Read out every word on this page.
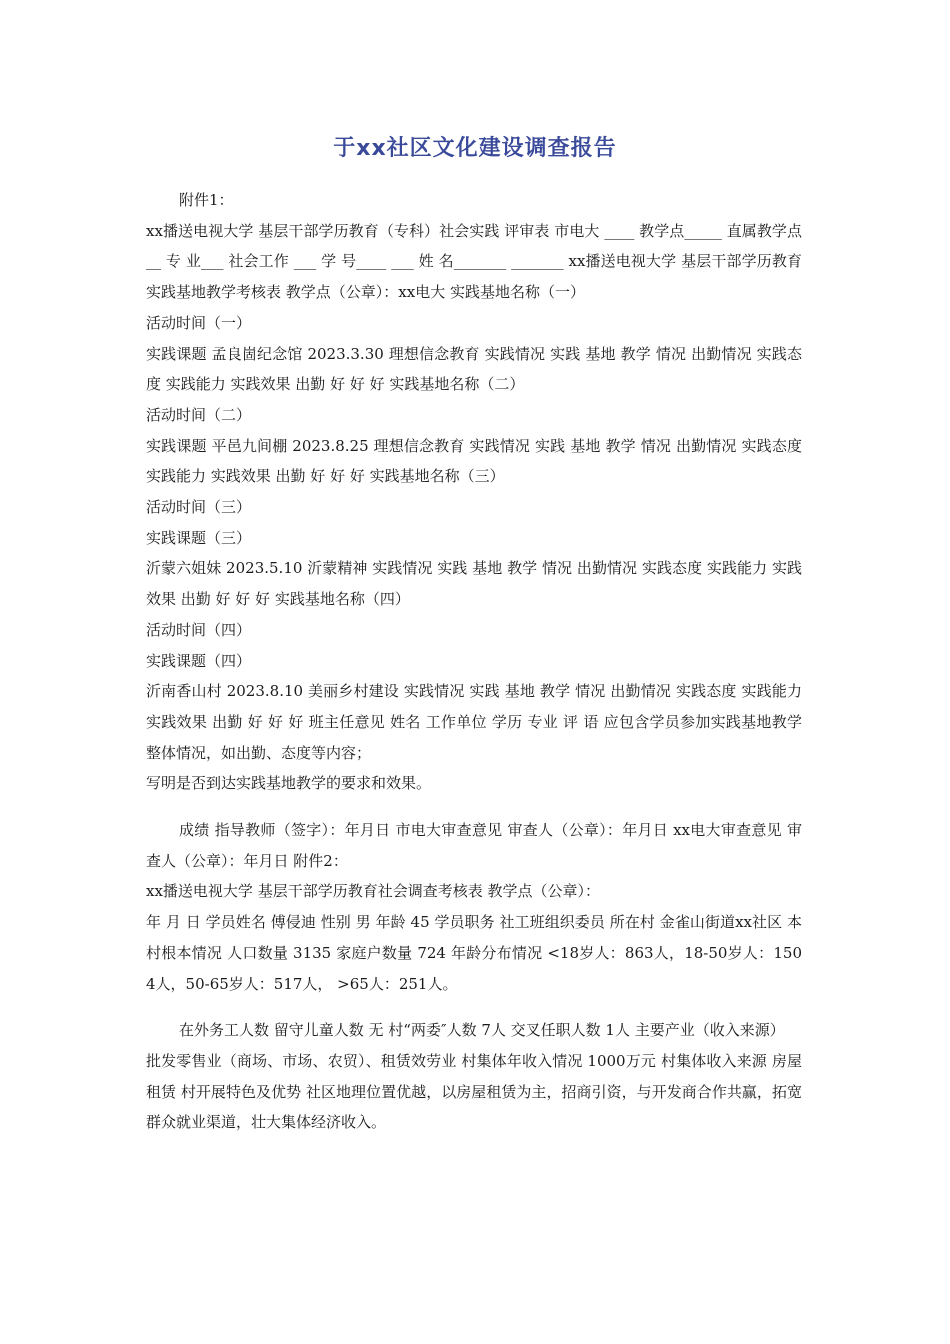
于xx社区文化建设调查报告

附件1：

xx播送电视大学 基层干部学历教育（专科）社会实践 评审表 市电大 ____ 教学点_____ 直属教学点__ 专 业___ 社会工作 ___ 学 号____ ___ 姓 名_______ _______ xx播送电视大学 基层干部学历教育实践基地教学考核表 教学点（公章）：xx电大 实践基地名称（一）

活动时间（一）

实践课题 孟良崮纪念馆 2023.3.30 理想信念教育 实践情况 实践 基地 教学 情况 出勤情况 实践态度 实践能力 实践效果 出勤 好 好 好 实践基地名称（二）

活动时间（二）

实践课题 平邑九间棚 2023.8.25 理想信念教育 实践情况 实践 基地 教学 情况 出勤情况 实践态度 实践能力 实践效果 出勤 好 好 好 实践基地名称（三）

活动时间（三）

实践课题（三）

沂蒙六姐妹 2023.5.10 沂蒙精神 实践情况 实践 基地 教学 情况 出勤情况 实践态度 实践能力 实践效果 出勤 好 好 好 实践基地名称（四）

活动时间（四）

实践课题（四）

沂南香山村 2023.8.10 美丽乡村建设 实践情况 实践 基地 教学 情况 出勤情况 实践态度 实践能力 实践效果 出勤 好 好 好 班主任意见 姓名 工作单位 学历 专业 评 语 应包含学员参加实践基地教学整体情况，如出勤、态度等内容；

写明是否到达实践基地教学的要求和效果。

成绩 指导教师（签字）：年月日 市电大审查意见 审查人（公章）：年月日 xx电大审查意见 审查人（公章）：年月日 附件2：

xx播送电视大学 基层干部学历教育社会调查考核表 教学点（公章）：

年 月 日 学员姓名 傅侵迪 性别 男 年龄 45 学员职务 社工班组织委员 所在村 金雀山街道xx社区 本村根本情况 人口数量 3135 家庭户数量 724 年龄分布情况 <18岁人：863人，18-50岁人：1504人，50-65岁人：517人， >65人：251人。

在外务工人数 留守儿童人数 无 村“两委″人数 7人 交叉任职人数 1人 主要产业（收入来源）

批发零售业（商场、市场、农贸）、租赁效劳业 村集体年收入情况 1000万元 村集体收入来源 房屋租赁 村开展特色及优势 社区地理位置优越，以房屋租赁为主，招商引资，与开发商合作共赢，拓宽群众就业渠道，壮大集体经济收入。
